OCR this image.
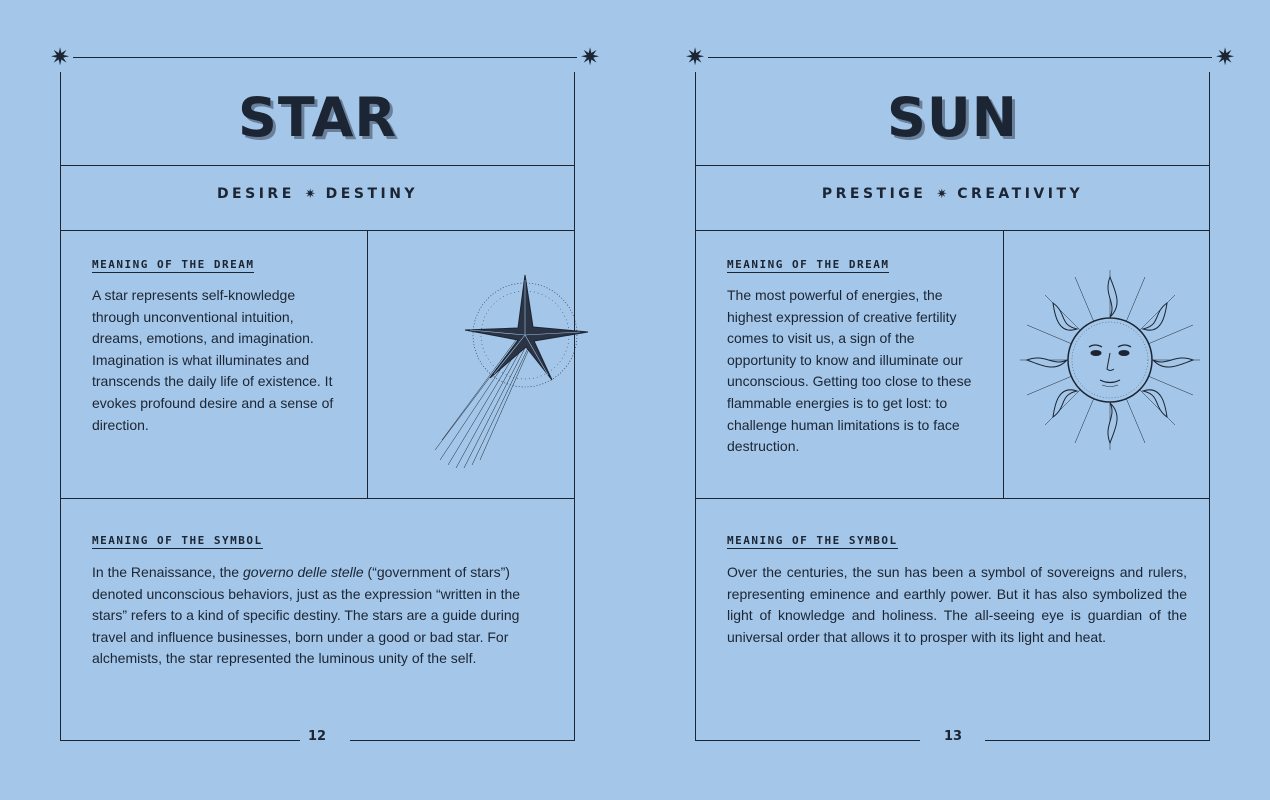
✷	✷
STAR
DESIRE ✷ DESTINY
MEANING OF THE DREAM
A star represents self-knowledge through unconventional intuition, dreams, emotions, and imagination. Imagination is what illuminates and transcends the daily life of existence. It evokes profound desire and a sense of direction.
MEANING OF THE SYMBOL
In the Renaissance, the governo delle stelle (“government of stars”) denoted unconscious behaviors, just as the expression “written in the stars” refers to a kind of specific destiny. The stars are a guide during travel and influence businesses, born under a good or bad star. For alchemists, the star represented the luminous unity of the self.
12
✷	✷
SUN
PRESTIGE ✷ CREATIVITY
MEANING OF THE DREAM
The most powerful of energies, the highest expression of creative fertility comes to visit us, a sign of the opportunity to know and illuminate our unconscious. Getting too close to these flammable energies is to get lost: to challenge human limitations is to face destruction.
MEANING OF THE SYMBOL
Over the centuries, the sun has been a symbol of sovereigns and rulers, representing eminence and earthly power. But it has also symbolized the light of knowledge and holiness. The all-seeing eye is guardian of the universal order that allows it to prosper with its light and heat.
13
